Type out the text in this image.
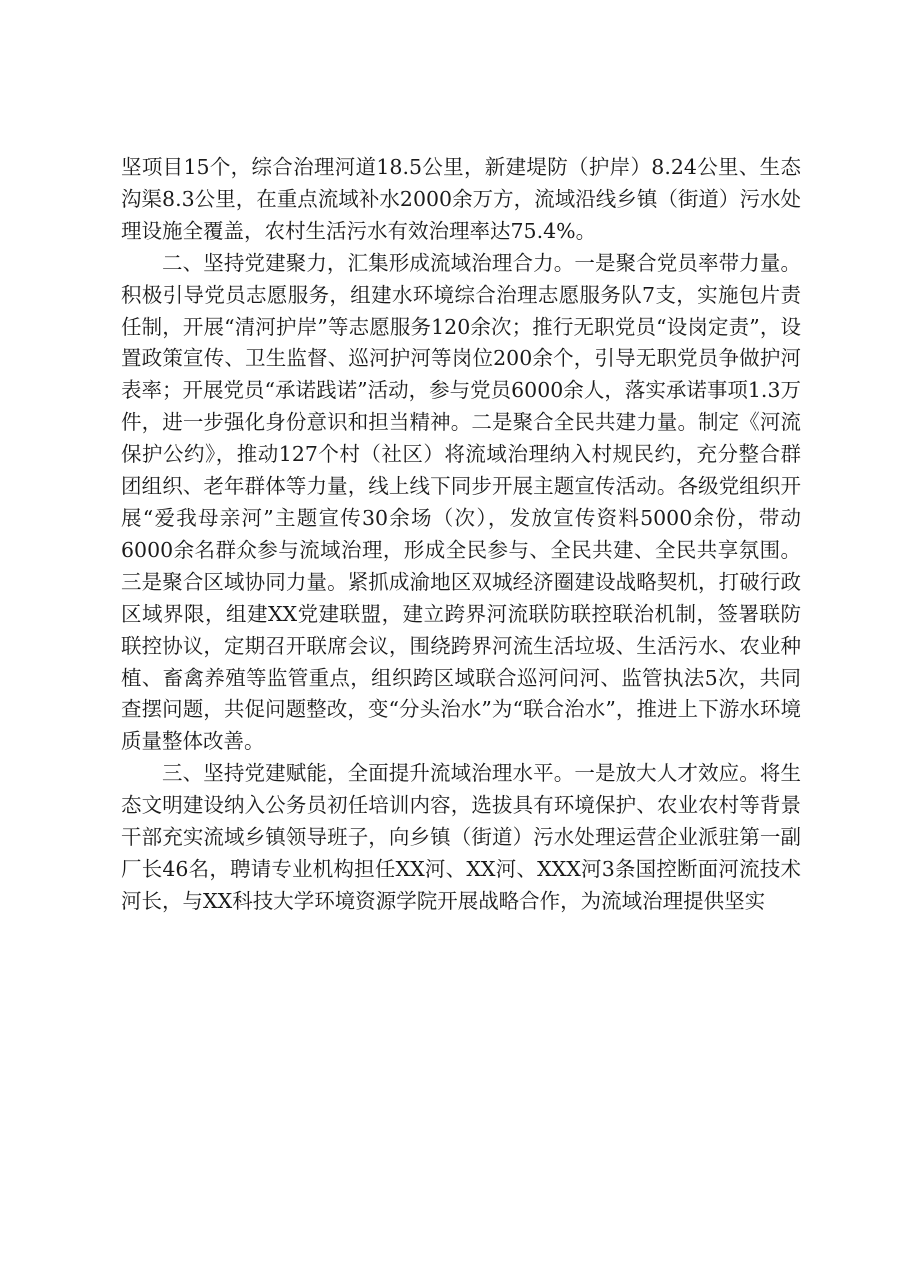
坚项目15个，综合治理河道18.5公里，新建堤防（护岸）8.24公里、生态沟渠8.3公里，在重点流域补水2000余万方，流域沿线乡镇（街道）污水处理设施全覆盖，农村生活污水有效治理率达75.4%。

二、坚持党建聚力，汇集形成流域治理合力。一是聚合党员率带力量。积极引导党员志愿服务，组建水环境综合治理志愿服务队7支，实施包片责任制，开展“清河护岸”等志愿服务120余次；推行无职党员“设岗定责”，设置政策宣传、卫生监督、巡河护河等岗位200余个，引导无职党员争做护河表率；开展党员“承诺践诺”活动，参与党员6000余人，落实承诺事项1.3万件，进一步强化身份意识和担当精神。二是聚合全民共建力量。制定《河流保护公约》，推动127个村（社区）将流域治理纳入村规民约，充分整合群团组织、老年群体等力量，线上线下同步开展主题宣传活动。各级党组织开展“爱我母亲河”主题宣传30余场（次），发放宣传资料5000余份，带动6000余名群众参与流域治理，形成全民参与、全民共建、全民共享氛围。三是聚合区域协同力量。紧抓成渝地区双城经济圈建设战略契机，打破行政区域界限，组建XX党建联盟，建立跨界河流联防联控联治机制，签署联防联控协议，定期召开联席会议，围绕跨界河流生活垃圾、生活污水、农业种植、畜禽养殖等监管重点，组织跨区域联合巡河问河、监管执法5次，共同查摆问题，共促问题整改，变“分头治水”为“联合治水”，推进上下游水环境质量整体改善。

三、坚持党建赋能，全面提升流域治理水平。一是放大人才效应。将生态文明建设纳入公务员初任培训内容，选拔具有环境保护、农业农村等背景干部充实流域乡镇领导班子，向乡镇（街道）污水处理运营企业派驻第一副厂长46名，聘请专业机构担任XX河、XX河、XXX河3条国控断面河流技术河长，与XX科技大学环境资源学院开展战略合作，为流域治理提供坚实
